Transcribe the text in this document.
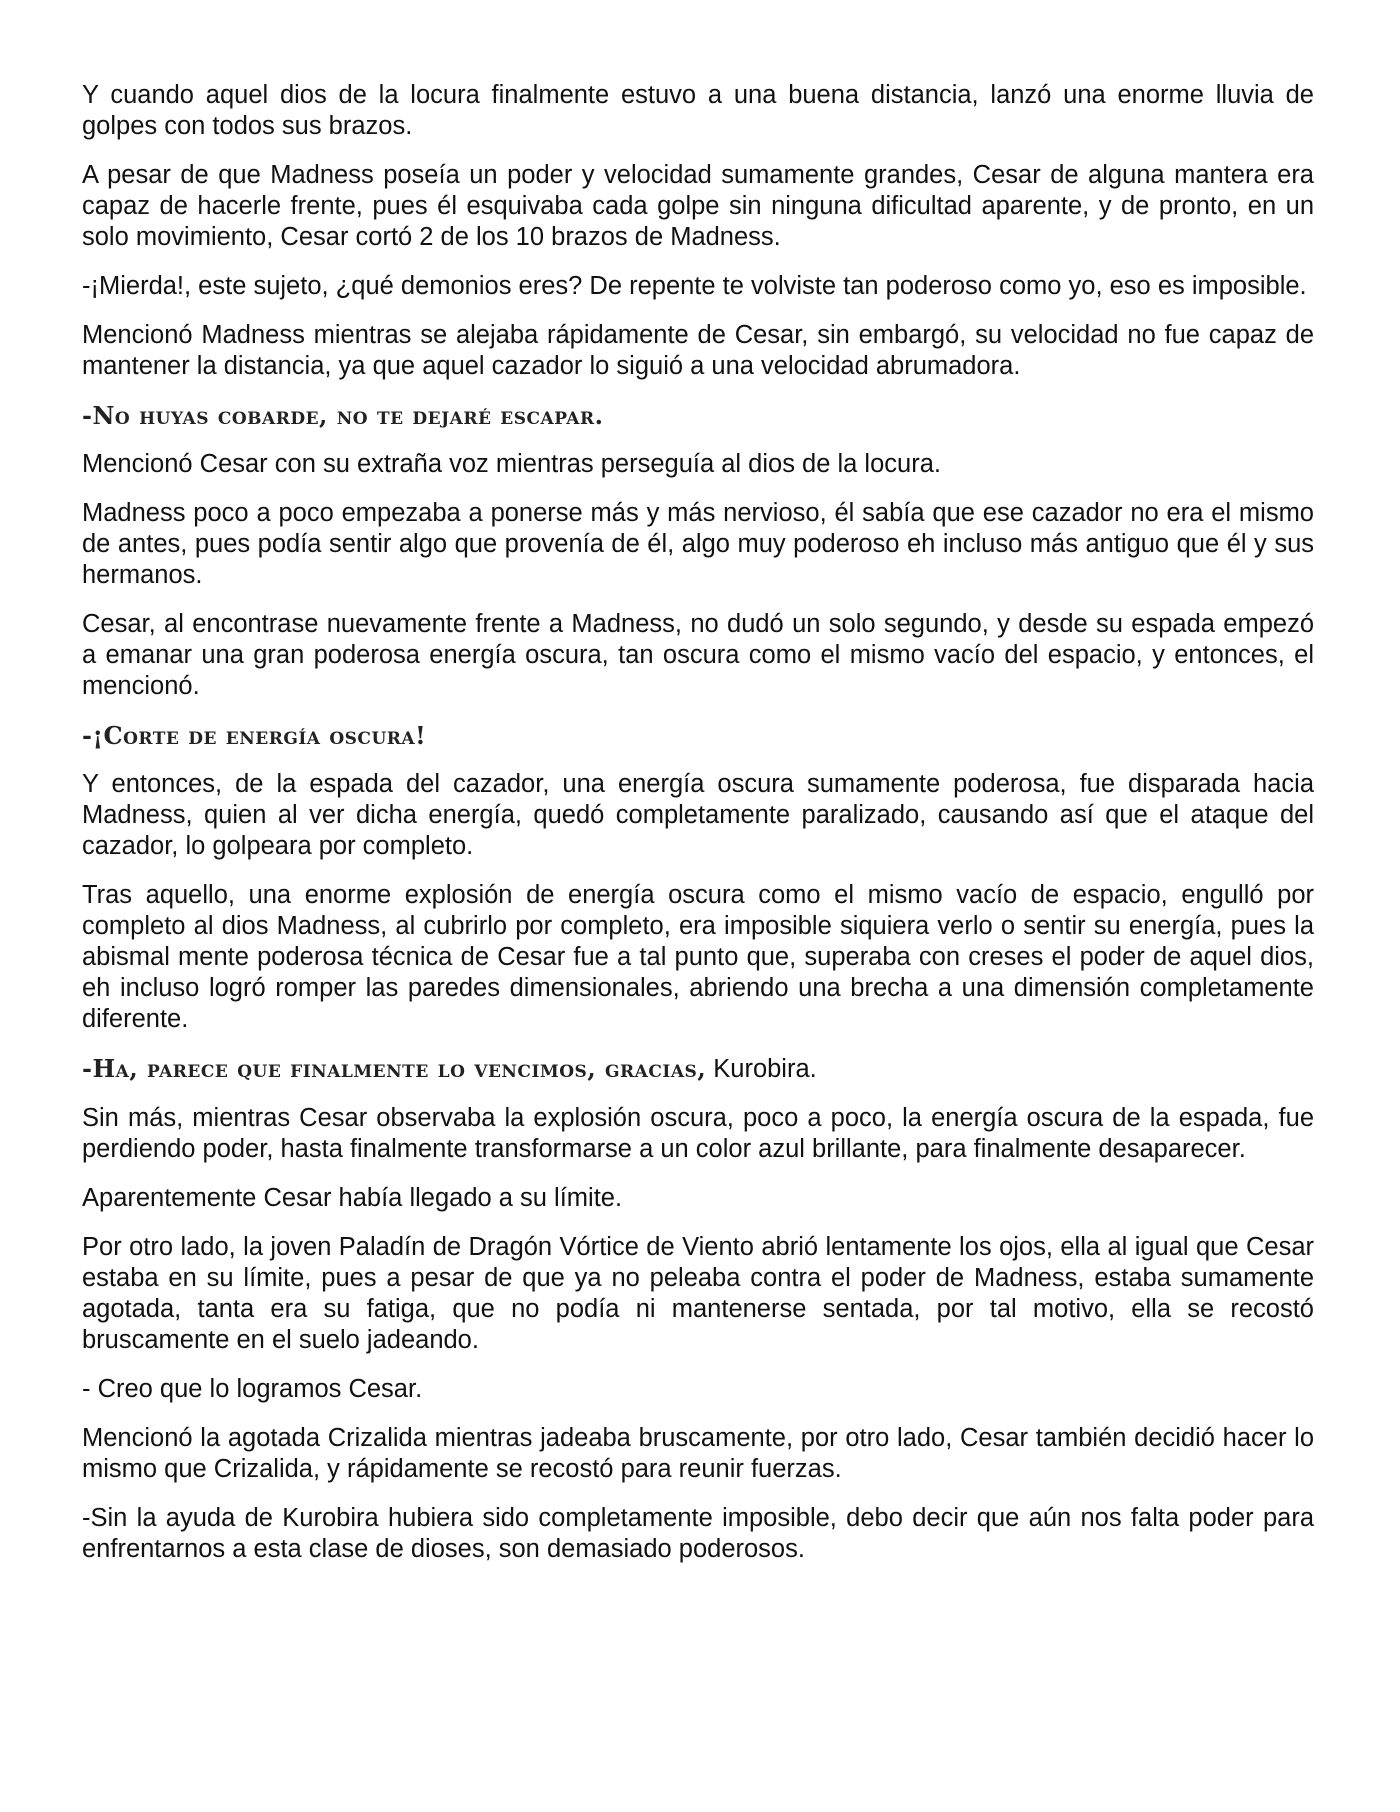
Y cuando aquel dios de la locura finalmente estuvo a una buena distancia, lanzó una enorme lluvia de golpes con todos sus brazos.

A pesar de que Madness poseía un poder y velocidad sumamente grandes, Cesar de alguna mantera era capaz de hacerle frente, pues él esquivaba cada golpe sin ninguna dificultad aparente, y de pronto, en un solo movimiento, Cesar cortó 2 de los 10 brazos de Madness.

-¡Mierda!, este sujeto, ¿qué demonios eres? De repente te volviste tan poderoso como yo, eso es imposible.

Mencionó Madness mientras se alejaba rápidamente de Cesar, sin embargó, su velocidad no fue capaz de mantener la distancia, ya que aquel cazador lo siguió a una velocidad abrumadora.

-No huyas cobarde, no te dejaré escapar.

Mencionó Cesar con su extraña voz mientras perseguía al dios de la locura.

Madness poco a poco empezaba a ponerse más y más nervioso, él sabía que ese cazador no era el mismo de antes, pues podía sentir algo que provenía de él, algo muy poderoso eh incluso más antiguo que él y sus hermanos.

Cesar, al encontrase nuevamente frente a Madness, no dudó un solo segundo, y desde su espada empezó a emanar una gran poderosa energía oscura, tan oscura como el mismo vacío del espacio, y entonces, el mencionó.

-¡Corte de energía oscura!

Y entonces, de la espada del cazador, una energía oscura sumamente poderosa, fue disparada hacia Madness, quien al ver dicha energía, quedó completamente paralizado, causando así que el ataque del cazador, lo golpeara por completo.

Tras aquello, una enorme explosión de energía oscura como el mismo vacío de espacio, engulló por completo al dios Madness, al cubrirlo por completo, era imposible siquiera verlo o sentir su energía, pues la abismal mente poderosa técnica de Cesar fue a tal punto que, superaba con creses el poder de aquel dios, eh incluso logró romper las paredes dimensionales, abriendo una brecha a una dimensión completamente diferente.

-Ha, parece que finalmente lo vencimos, gracias, Kurobira.

Sin más, mientras Cesar observaba la explosión oscura, poco a poco, la energía oscura de la espada, fue perdiendo poder, hasta finalmente transformarse a un color azul brillante, para finalmente desaparecer.

Aparentemente Cesar había llegado a su límite.

Por otro lado, la joven Paladín de Dragón Vórtice de Viento abrió lentamente los ojos, ella al igual que Cesar estaba en su límite, pues a pesar de que ya no peleaba contra el poder de Madness, estaba sumamente agotada, tanta era su fatiga, que no podía ni mantenerse sentada, por tal motivo, ella se recostó bruscamente en el suelo jadeando.

- Creo que lo logramos Cesar.

Mencionó la agotada Crizalida mientras jadeaba bruscamente, por otro lado, Cesar también decidió hacer lo mismo que Crizalida, y rápidamente se recostó para reunir fuerzas.

-Sin la ayuda de Kurobira hubiera sido completamente imposible, debo decir que aún nos falta poder para enfrentarnos a esta clase de dioses, son demasiado poderosos.
